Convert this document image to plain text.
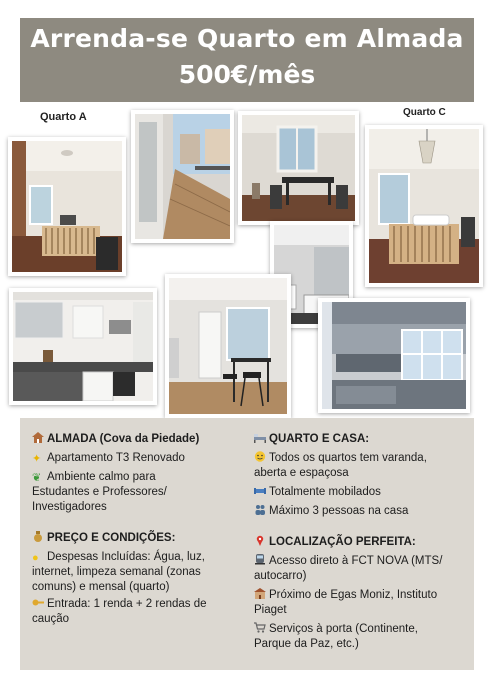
Arrenda-se Quarto em Almada
500€/mês
Quarto A	Quarto C
ALMADA (Cova da Piedade)
✦ Apartamento T3 Renovado
❦ Ambiente calmo para
Estudantes e Professores/
Investigadores
PREÇO E CONDIÇÕES:
● Despesas Incluídas: Água, luz,
internet, limpeza semanal (zonas
comuns) e mensal (quarto)
Entrada: 1 renda + 2 rendas de
caução
QUARTO E CASA:
Todos os quartos tem varanda,
aberta e espaçosa
Totalmente mobilados
Máximo 3 pessoas na casa
LOCALIZAÇÃO PERFEITA:
Acesso direto à FCT NOVA (MTS/
autocarro)
Próximo de Egas Moniz, Instituto
Piaget
Serviços à porta (Continente,
Parque da Paz, etc.)
